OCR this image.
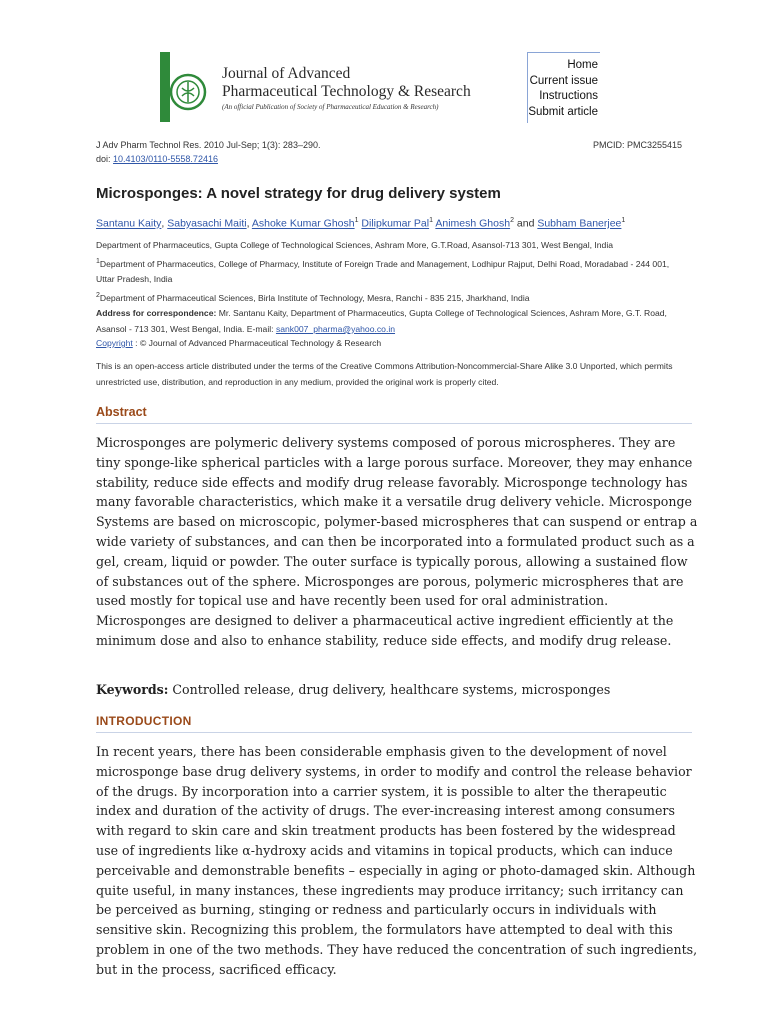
Journal of Advanced
Pharmaceutical Technology & Research
(An official Publication of Society of Pharmaceutical Education & Research)
Home
Current issue
Instructions
Submit article
J Adv Pharm Technol Res. 2010 Jul-Sep; 1(3): 283–290.
doi: 10.4103/0110-5558.72416
PMCID: PMC3255415
Microsponges: A novel strategy for drug delivery system
Santanu Kaity, Sabyasachi Maiti, Ashoke Kumar Ghosh$^1$ Dilipkumar Pal$^1$ Animesh Ghosh$^2$ and Subham Banerjee$^1$
Department of Pharmaceutics, Gupta College of Technological Sciences, Ashram More, G.T.Road, Asansol-713 301, West Bengal, India
$^1$Department of Pharmaceutics, College of Pharmacy, Institute of Foreign Trade and Management, Lodhipur Rajput, Delhi Road, Moradabad - 244 001, Uttar Pradesh, India
$^2$Department of Pharmaceutical Sciences, Birla Institute of Technology, Mesra, Ranchi - 835 215, Jharkhand, India
Address for correspondence: Mr. Santanu Kaity, Department of Pharmaceutics, Gupta College of Technological Sciences, Ashram More, G.T. Road, Asansol - 713 301, West Bengal, India. E-mail: sank007_pharma@yahoo.co.in
Copyright : © Journal of Advanced Pharmaceutical Technology & Research
This is an open-access article distributed under the terms of the Creative Commons Attribution-Noncommercial-Share Alike 3.0 Unported, which permits unrestricted use, distribution, and reproduction in any medium, provided the original work is properly cited.
Abstract
Microsponges are polymeric delivery systems composed of porous microspheres. They are tiny sponge-like spherical particles with a large porous surface. Moreover, they may enhance stability, reduce side effects and modify drug release favorably. Microsponge technology has many favorable characteristics, which make it a versatile drug delivery vehicle. Microsponge Systems are based on microscopic, polymer-based microspheres that can suspend or entrap a wide variety of substances, and can then be incorporated into a formulated product such as a gel, cream, liquid or powder. The outer surface is typically porous, allowing a sustained flow of substances out of the sphere. Microsponges are porous, polymeric microspheres that are used mostly for topical use and have recently been used for oral administration. Microsponges are designed to deliver a pharmaceutical active ingredient efficiently at the minimum dose and also to enhance stability, reduce side effects, and modify drug release.
Keywords: Controlled release, drug delivery, healthcare systems, microsponges
INTRODUCTION
In recent years, there has been considerable emphasis given to the development of novel microsponge base drug delivery systems, in order to modify and control the release behavior of the drugs. By incorporation into a carrier system, it is possible to alter the therapeutic index and duration of the activity of drugs. The ever-increasing interest among consumers with regard to skin care and skin treatment products has been fostered by the widespread use of ingredients like α-hydroxy acids and vitamins in topical products, which can induce perceivable and demonstrable benefits – especially in aging or photo-damaged skin. Although quite useful, in many instances, these ingredients may produce irritancy; such irritancy can be perceived as burning, stinging or redness and particularly occurs in individuals with sensitive skin. Recognizing this problem, the formulators have attempted to deal with this problem in one of the two methods. They have reduced the concentration of such ingredients, but in the process, sacrificed efficacy.
